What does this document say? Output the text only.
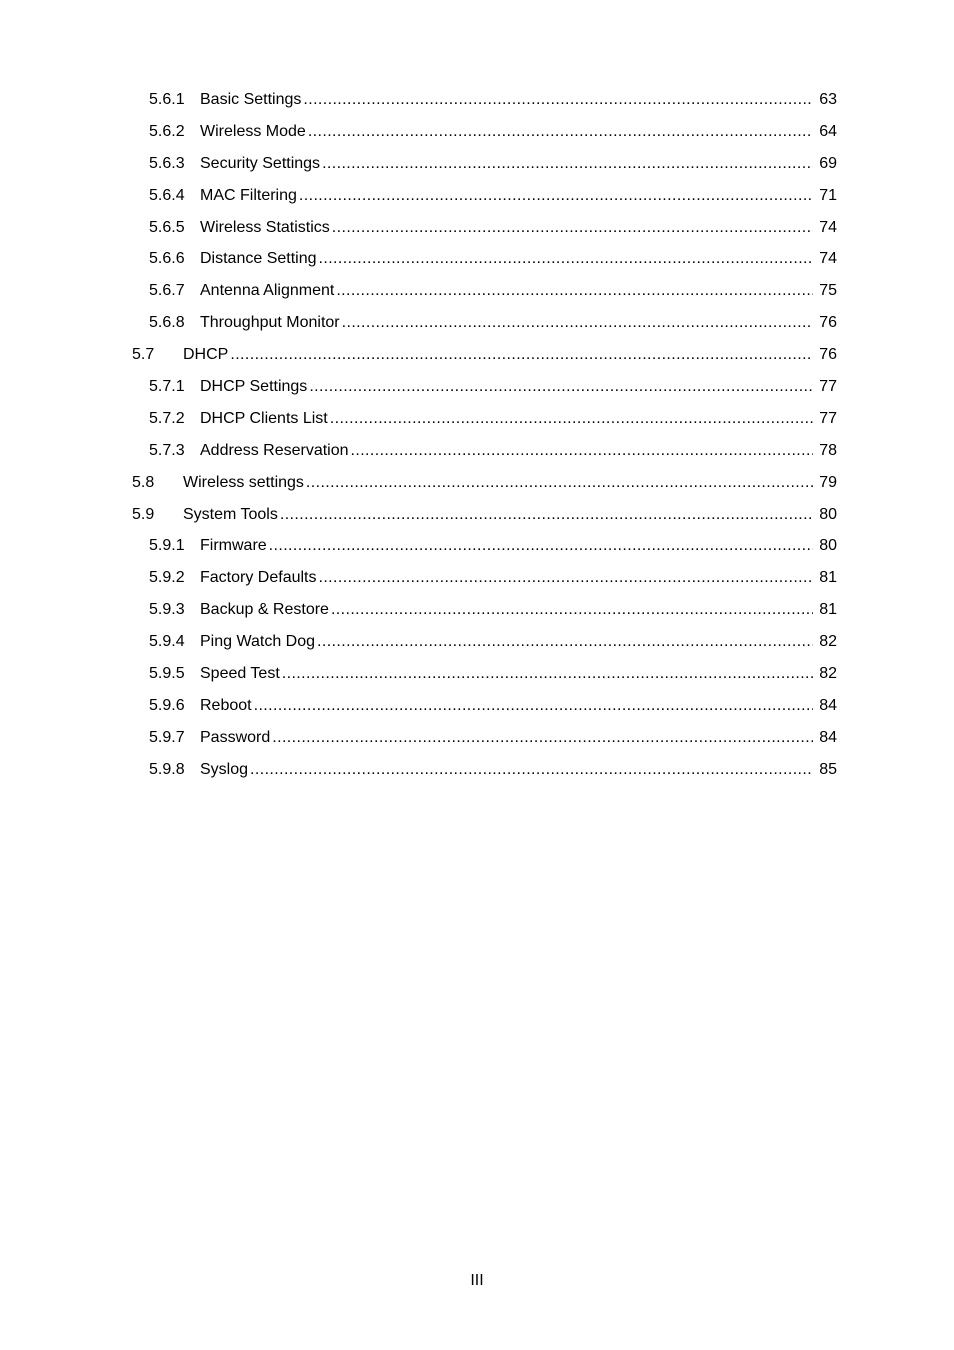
5.6.1 Basic Settings .....	63
5.6.2 Wireless Mode .....	64
5.6.3 Security Settings .....	69
5.6.4 MAC Filtering .....	71
5.6.5 Wireless Statistics .....	74
5.6.6 Distance Setting .....	74
5.6.7 Antenna Alignment .....	75
5.6.8 Throughput Monitor .....	76
5.7	DHCP .....	76
5.7.1 DHCP Settings .....	77
5.7.2 DHCP Clients List .....	77
5.7.3 Address Reservation .....	78
5.8	Wireless settings .....	79
5.9	System Tools .....	80
5.9.1 Firmware .....	80
5.9.2 Factory Defaults .....	81
5.9.3 Backup & Restore .....	81
5.9.4 Ping Watch Dog .....	82
5.9.5 Speed Test .....	82
5.9.6 Reboot .....	84
5.9.7 Password .....	84
5.9.8 Syslog .....	85
III
